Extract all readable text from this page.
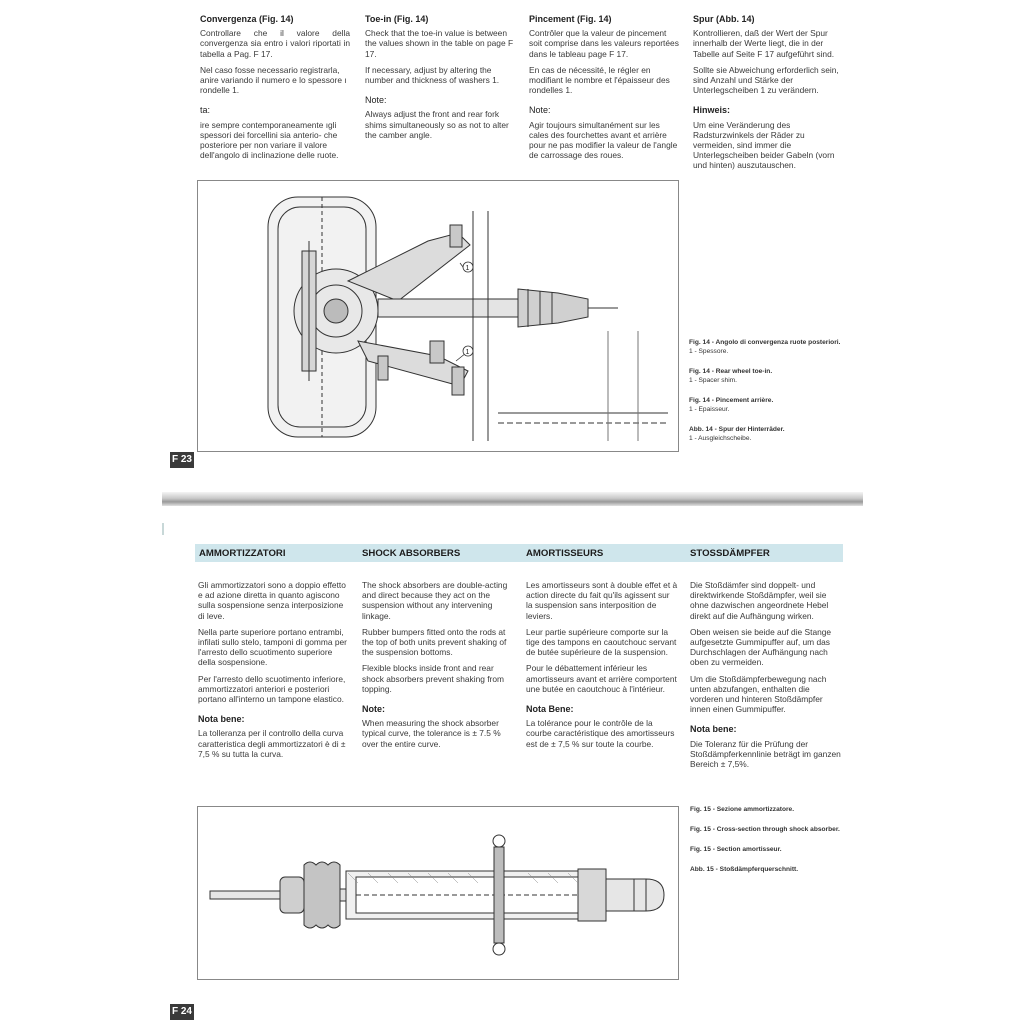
Convergenza (Fig. 14)

Controllare che il valore della convergenza sia entro i valori riportati in tabella a Pag. F 17.

Nel caso fosse necessario registrarla, anire variando il numero e lo spessore ı rondelle 1.

ta:

ire sempre contemporaneamente ıgli spessori dei forcellini sia anterio- che posteriore per non variare il valore dell'angolo di inclinazione delle ruote.

Toe-in (Fig. 14)

Check that the toe-in value is between the values shown in the table on page F 17.

If necessary, adjust by altering the number and thickness of washers 1.

Note:

Always adjust the front and rear fork shims simultaneously so as not to alter the camber angle.

Pincement (Fig. 14)

Contrôler que la valeur de pincement soit comprise dans les valeurs reportées dans le tableau page F 17.

En cas de nécessité, le régler en modifiant le nombre et l'épaisseur des rondelles 1.

Note:

Agir toujours simultanément sur les cales des fourchettes avant et arrière pour ne pas modifier la valeur de l'angle de carrossage des roues.

Spur (Abb. 14)

Kontrollieren, daß der Wert der Spur innerhalb der Werte liegt, die in der Tabelle auf Seite F 17 aufgeführt sind.

Sollte sie Abweichung erforderlich sein, sind Anzahl und Stärke der Unterlegscheiben 1 zu verändern.

Hinweis:

Um eine Veränderung des Radsturzwinkels der Räder zu vermeiden, sind immer die Unterlegscheiben beider Gabeln (vorn und hinten) auszutauschen.

1
1

Fig. 14 - Angolo di convergenza ruote posteriori.
1 - Spessore.

Fig. 14 - Rear wheel toe-in.
1 - Spacer shim.

Fig. 14 - Pincement arrière.
1 - Epaisseur.

Abb. 14 - Spur der Hinterräder.
1 - Ausgleichscheibe.

F 23
AMMORTIZZATORI	SHOCK ABSORBERS	AMORTISSEURS	STOSSDÄMPFER

Gli ammortizzatori sono a doppio effetto e ad azione diretta in quanto agiscono sulla sospensione senza interposizione di leve.

Nella parte superiore portano entrambi, infilati sullo stelo, tamponi di gomma per l'arresto dello scuotimento superiore della sospensione.

Per l'arresto dello scuotimento inferiore, ammortizzatori anteriori e posteriori portano all'interno un tampone elastico.

Nota bene:

La tolleranza per il controllo della curva caratteristica degli ammortizzatori è di ± 7,5 % su tutta la curva.

The shock absorbers are double-acting and direct because they act on the suspension without any intervening linkage.

Rubber bumpers fitted onto the rods at the top of both units prevent shaking of the suspension bottoms.

Flexible blocks inside front and rear shock absorbers prevent shaking from topping.

Note:

When measuring the shock absorber typical curve, the tolerance is ± 7.5 % over the entire curve.

Les amortisseurs sont à double effet et à action directe du fait qu'ils agissent sur la suspension sans interposition de leviers.

Leur partie supérieure comporte sur la tige des tampons en caoutchouc servant de butée supérieure de la suspension.

Pour le débattement inférieur les amortisseurs avant et arrière comportent une butée en caoutchouc à l'intérieur.

Nota Bene:

La tolérance pour le contrôle de la courbe caractéristique des amortisseurs est de ± 7,5 % sur toute la courbe.

Die Stoßdämfer sind doppelt- und direktwirkende Stoßdämpfer, weil sie ohne dazwischen angeordnete Hebel direkt auf die Aufhängung wirken.

Oben weisen sie beide auf die Stange aufgesetzte Gummipuffer auf, um das Durchschlagen der Aufhängung nach oben zu vermeiden.

Um die Stoßdämpferbewegung nach unten abzufangen, enthalten die vorderen und hinteren Stoßdämpfer innen einen Gummipuffer.

Nota bene:

Die Toleranz für die Prüfung der Stoßdämpferkennlinie beträgt im ganzen Bereich ± 7,5%.

Fig. 15 - Sezione ammortizzatore.

Fig. 15 - Cross-section through shock absorber.

Fig. 15 - Section amortisseur.

Abb. 15 - Stoßdämpferquerschnitt.

F 24
